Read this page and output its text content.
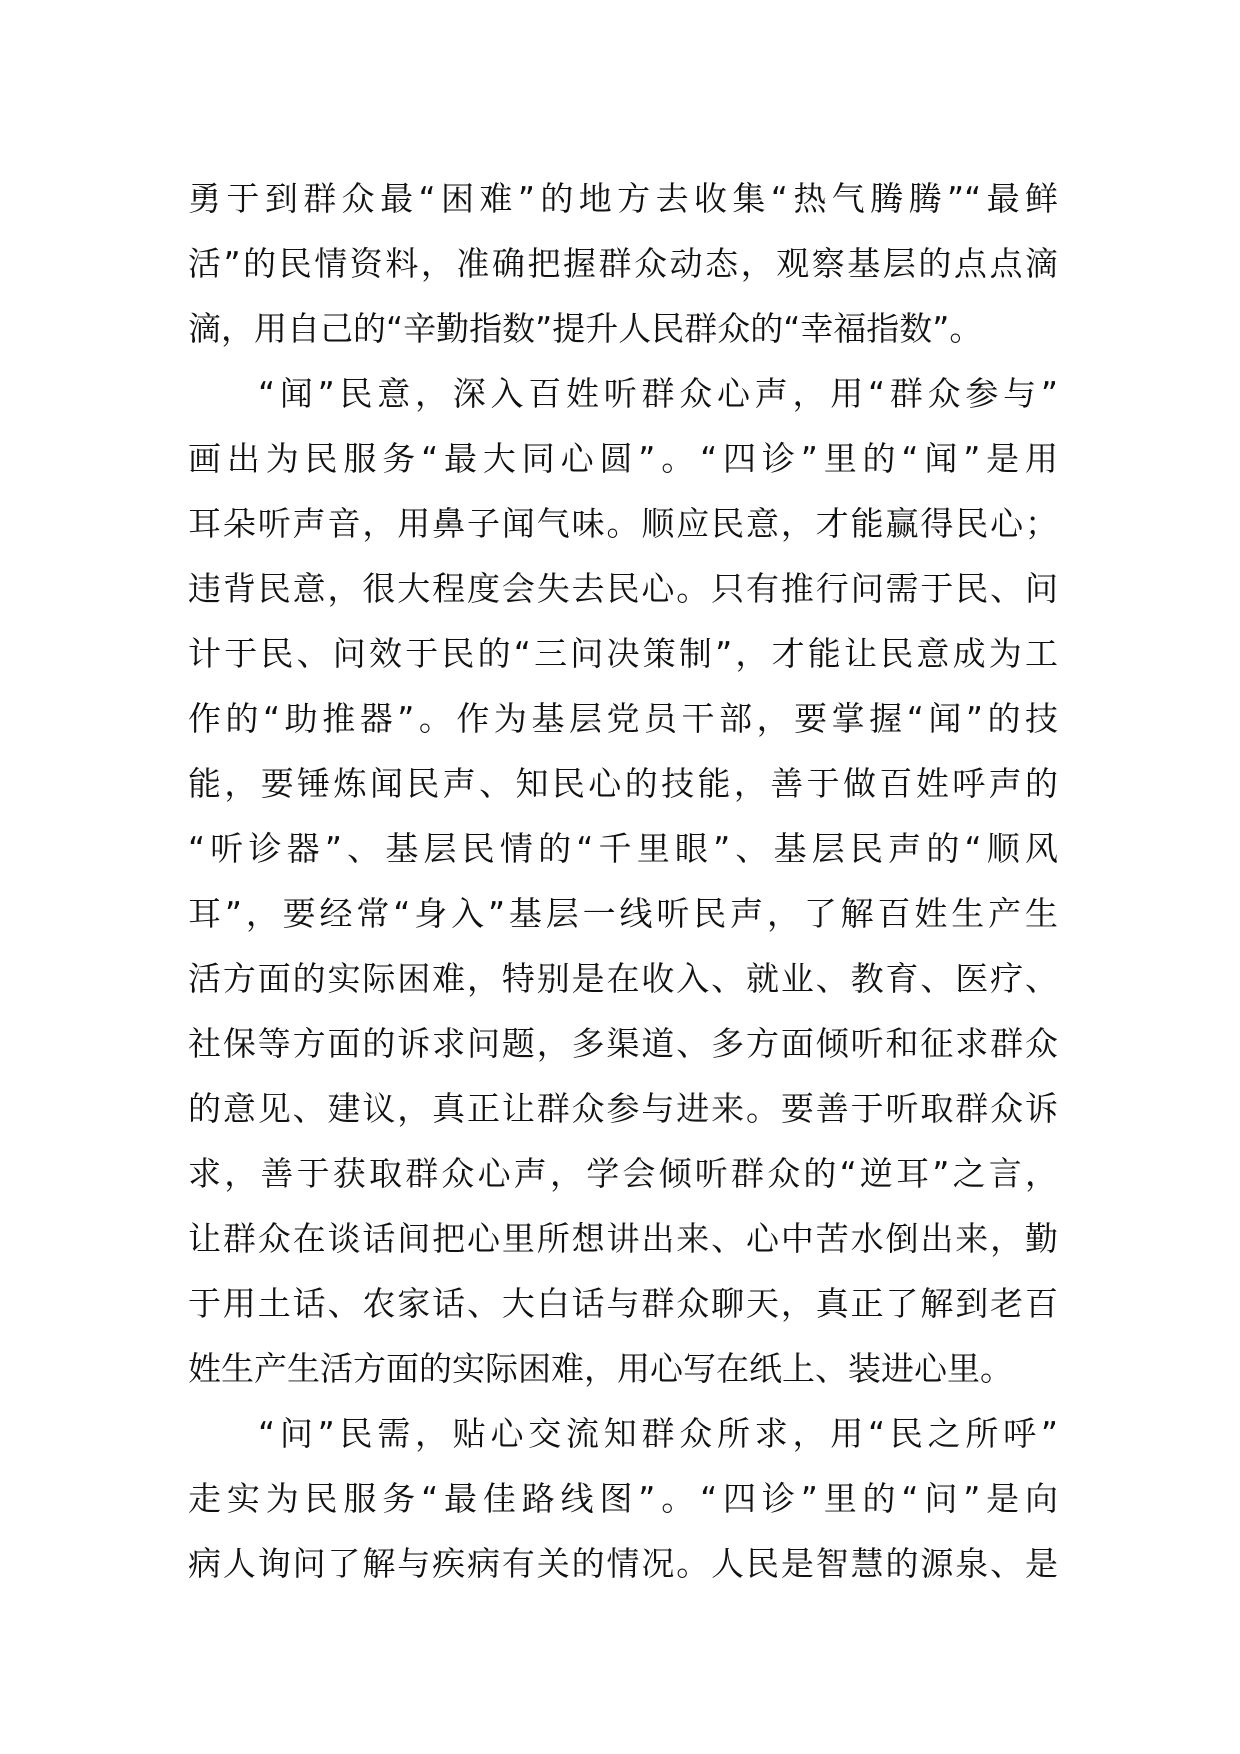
勇于到群众最“困难”的地方去收集“热气腾腾”“最鲜
活”的民情资料，准确把握群众动态，观察基层的点点滴
滴，用自己的“辛勤指数”提升人民群众的“幸福指数”。
“闻”民意，深入百姓听群众心声，用“群众参与”
画出为民服务“最大同心圆”。“四诊”里的“闻”是用
耳朵听声音，用鼻子闻气味。顺应民意，才能赢得民心；
违背民意，很大程度会失去民心。只有推行问需于民、问
计于民、问效于民的“三问决策制”，才能让民意成为工
作的“助推器”。作为基层党员干部，要掌握“闻”的技
能，要锤炼闻民声、知民心的技能，善于做百姓呼声的
“听诊器”、基层民情的“千里眼”、基层民声的“顺风
耳”，要经常“身入”基层一线听民声，了解百姓生产生
活方面的实际困难，特别是在收入、就业、教育、医疗、
社保等方面的诉求问题，多渠道、多方面倾听和征求群众
的意见、建议，真正让群众参与进来。要善于听取群众诉
求，善于获取群众心声，学会倾听群众的“逆耳”之言，
让群众在谈话间把心里所想讲出来、心中苦水倒出来，勤
于用土话、农家话、大白话与群众聊天，真正了解到老百
姓生产生活方面的实际困难，用心写在纸上、装进心里。
“问”民需，贴心交流知群众所求，用“民之所呼”
走实为民服务“最佳路线图”。“四诊”里的“问”是向
病人询问了解与疾病有关的情况。人民是智慧的源泉、是
